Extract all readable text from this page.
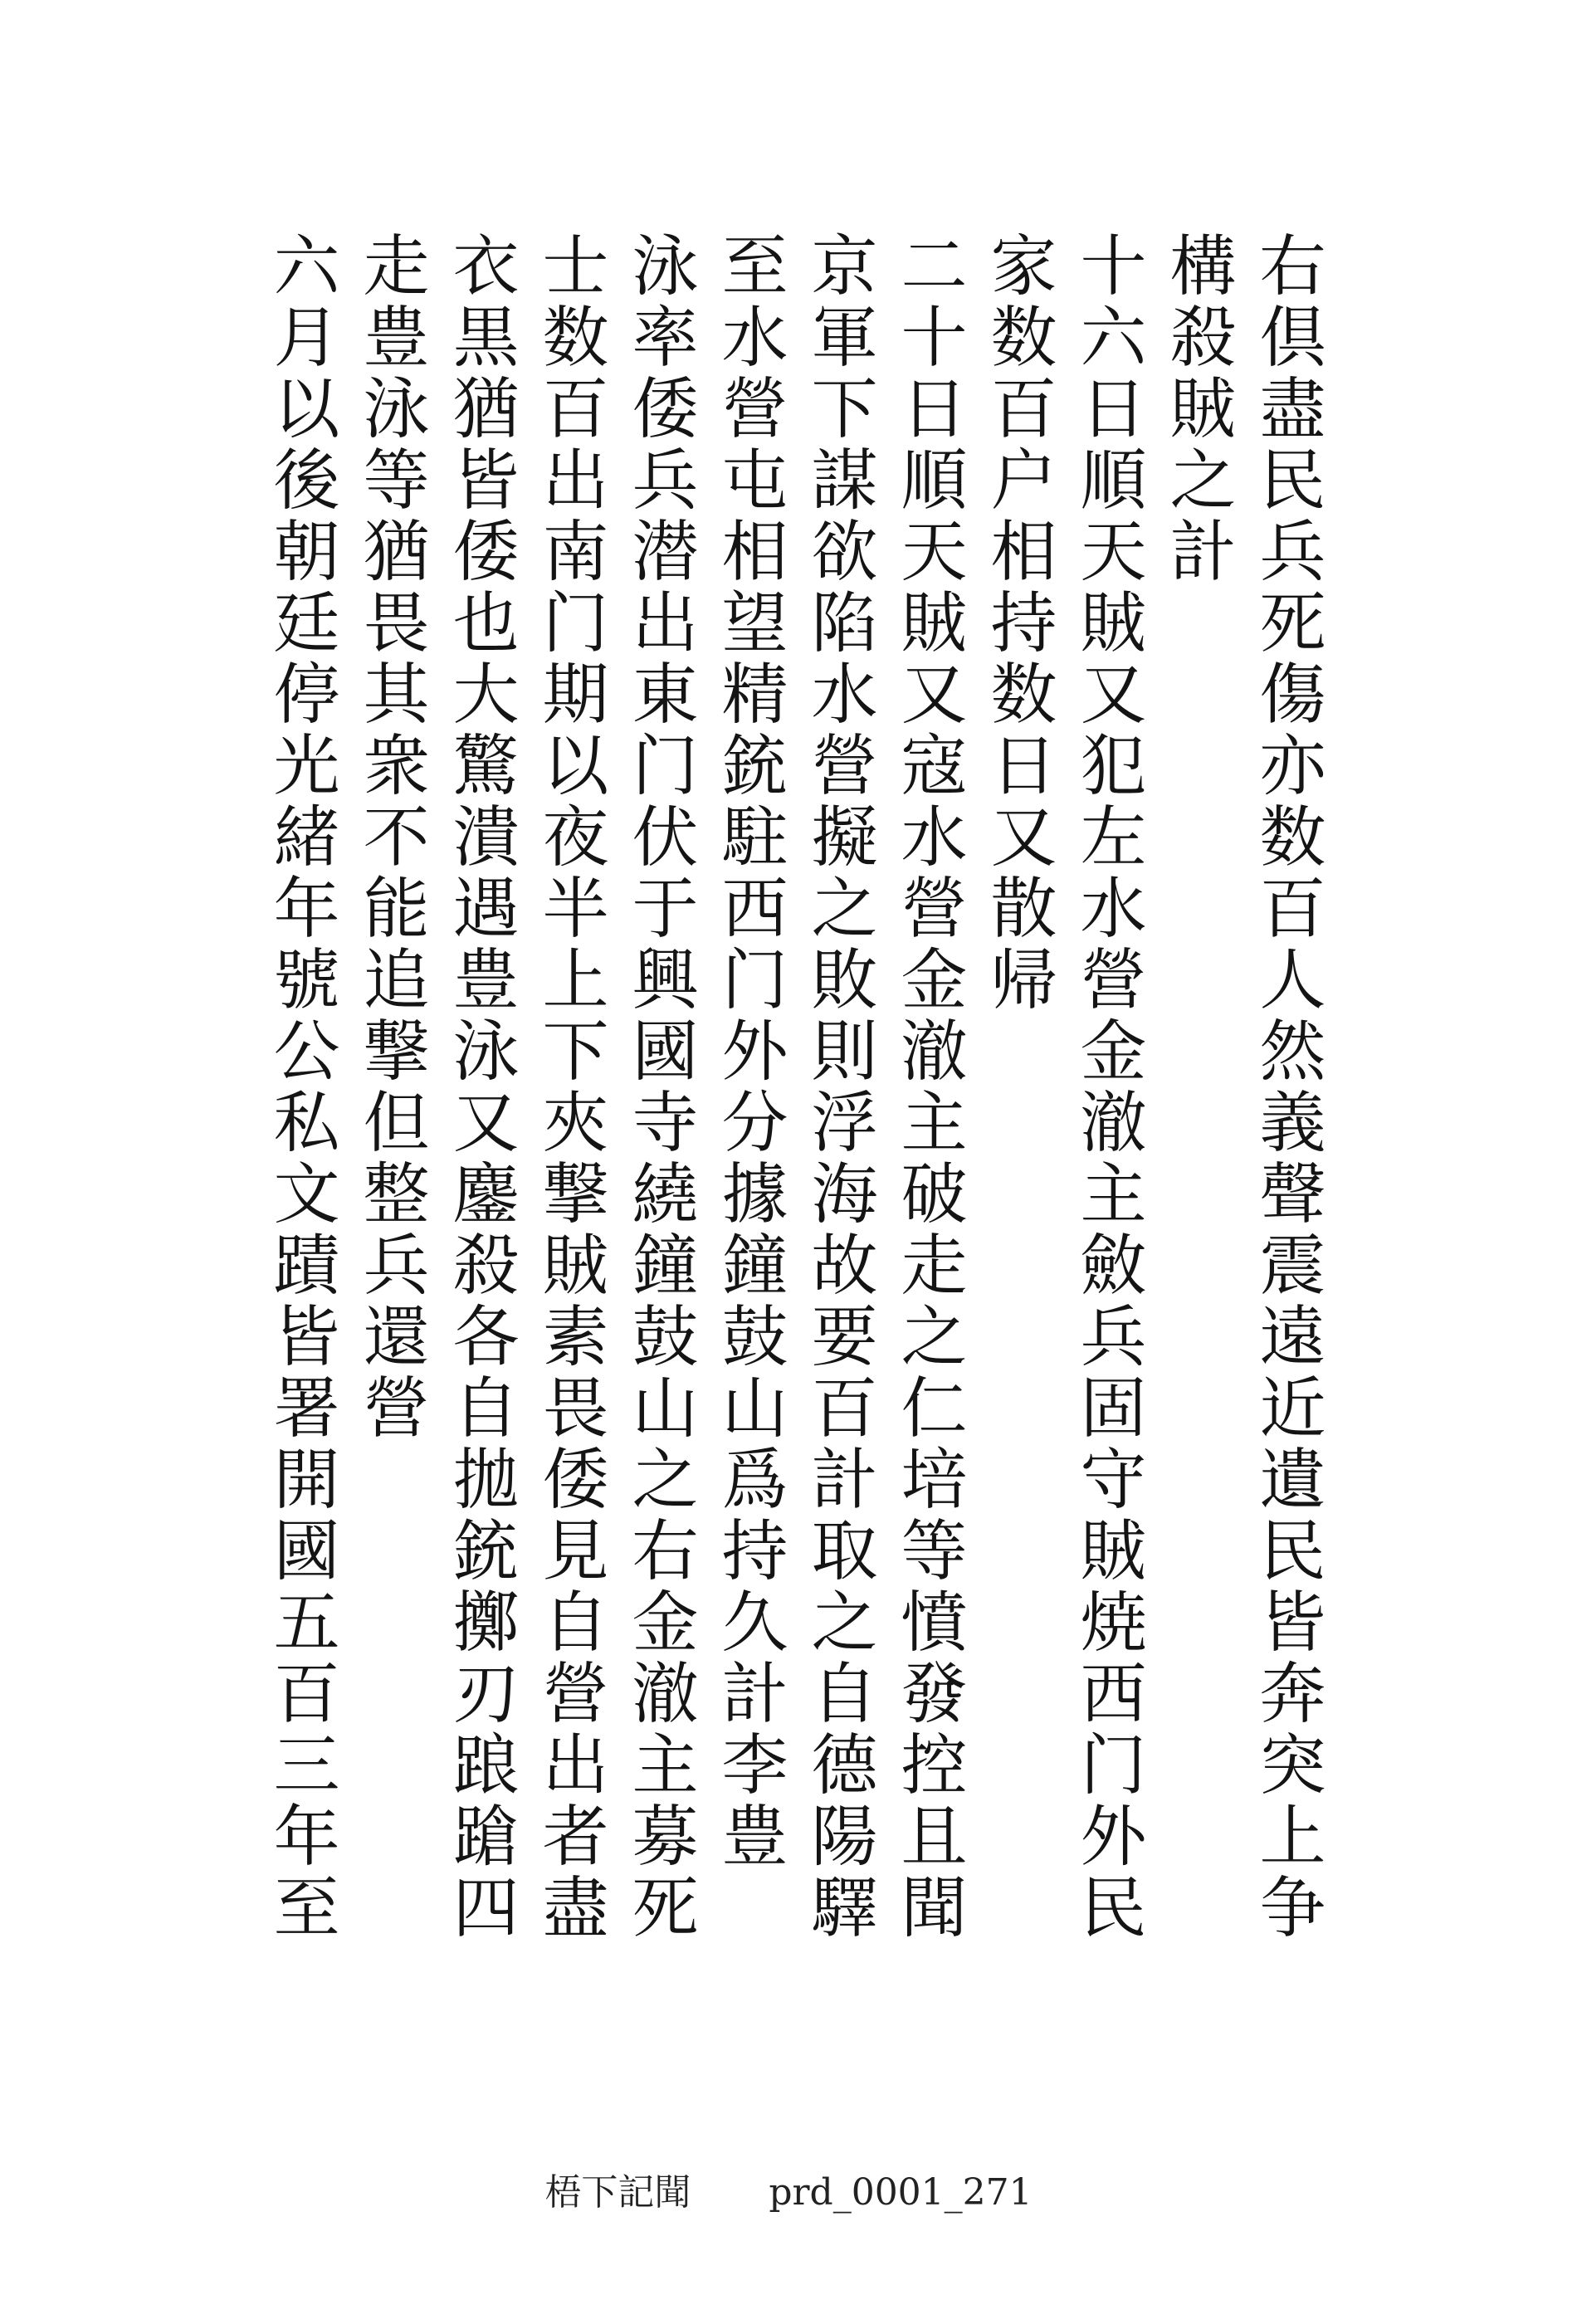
右倶盡民兵死傷亦数百人然義聲震遠近遺民皆奔突上争
構殺賊之計
十六日順天賊又犯左水營金澈主斂兵固守賊焼西门外民
家数百户相持数日又散帰
二十日順天賊又寇水營金澈主破走之仁培等憤發控且聞
京軍下謀欲陷水營擬之敗則浮海故要百計取之自德陽驛
至水營屯相望精銃駐西门外分據鐘鼓山爲持久計李豊
泳率倭兵潜出東门伏于興國寺繞鐘鼓山之右金澈主募死
士数百出南门期以夜半上下夾撃賊素畏倭見自營出者盡
衣黒猶皆倭也大驚潰遇豊泳又鏖殺各自拋銃擲刃踉蹌四
走豊泳等猶畏其衆不能追撃但整兵還營
六月以後朝廷停光緒年號公私文蹟皆署開國五百三年至
梧下記聞 prd_0001_271
